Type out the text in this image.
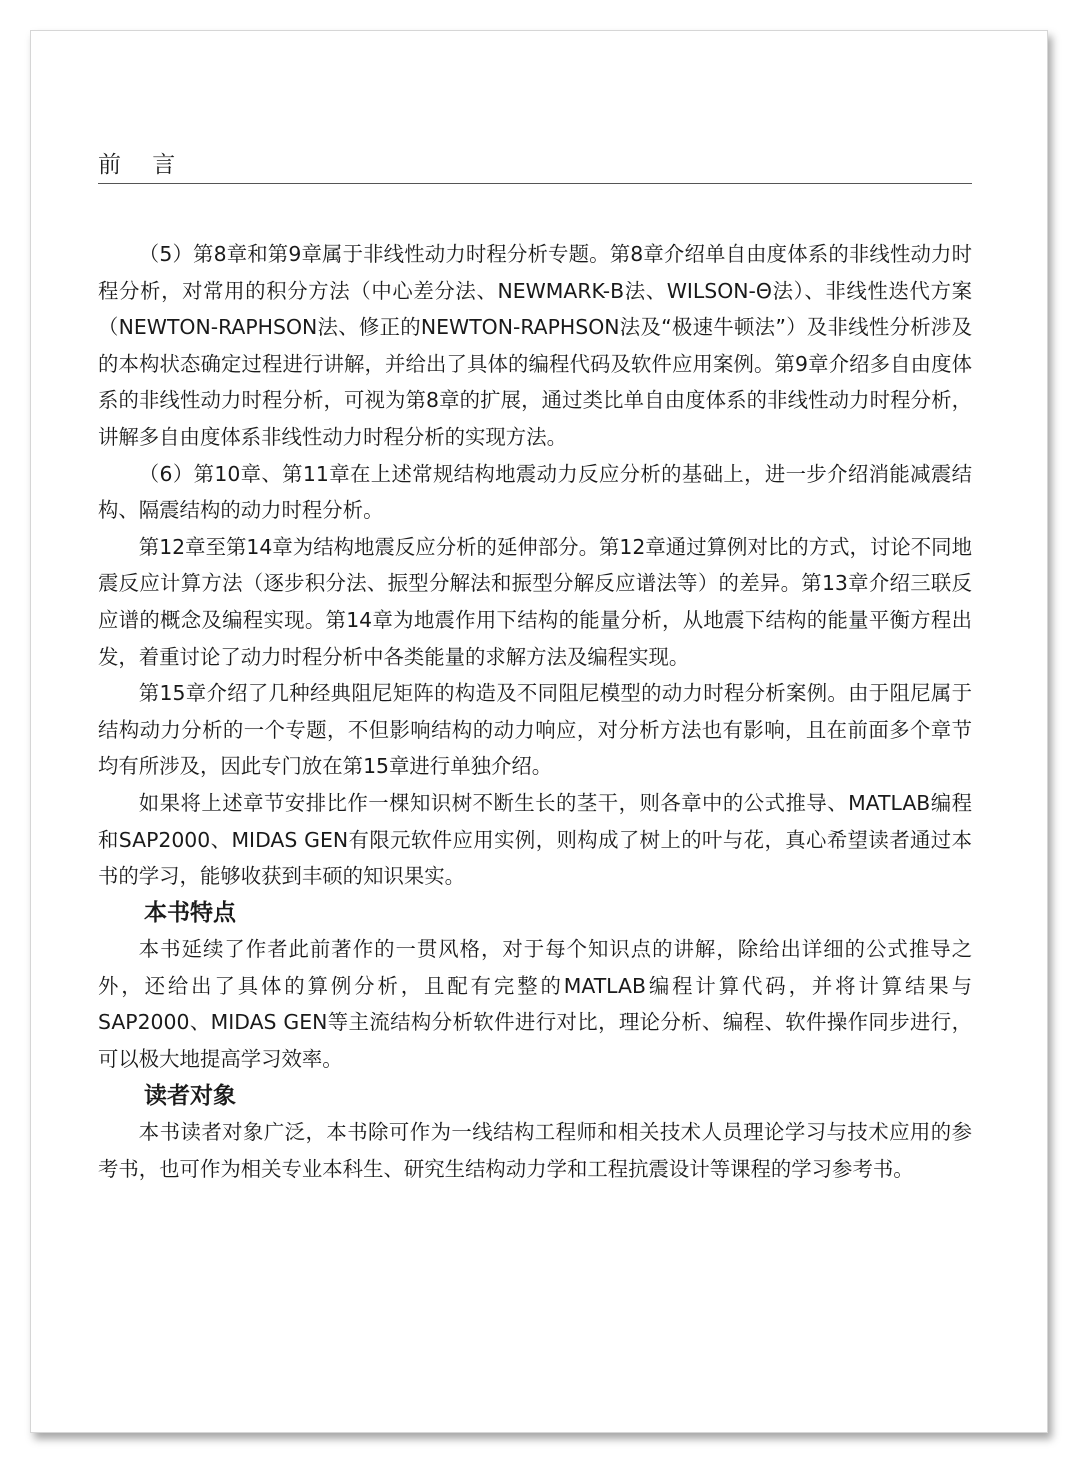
前 言

（5）第8章和第9章属于非线性动力时程分析专题。第8章介绍单自由度体系的非线性动力时程分析，对常用的积分方法（中心差分法、NEWMARK-Β法、WILSON-Θ法）、非线性迭代方案（NEWTON-RAPHSON法、修正的NEWTON-RAPHSON法及“极速牛顿法”）及非线性分析涉及的本构状态确定过程进行讲解，并给出了具体的编程代码及软件应用案例。第9章介绍多自由度体系的非线性动力时程分析，可视为第8章的扩展，通过类比单自由度体系的非线性动力时程分析，讲解多自由度体系非线性动力时程分析的实现方法。

（6）第10章、第11章在上述常规结构地震动力反应分析的基础上，进一步介绍消能减震结构、隔震结构的动力时程分析。

第12章至第14章为结构地震反应分析的延伸部分。第12章通过算例对比的方式，讨论不同地震反应计算方法（逐步积分法、振型分解法和振型分解反应谱法等）的差异。第13章介绍三联反应谱的概念及编程实现。第14章为地震作用下结构的能量分析，从地震下结构的能量平衡方程出发，着重讨论了动力时程分析中各类能量的求解方法及编程实现。

第15章介绍了几种经典阻尼矩阵的构造及不同阻尼模型的动力时程分析案例。由于阻尼属于结构动力分析的一个专题，不但影响结构的动力响应，对分析方法也有影响，且在前面多个章节均有所涉及，因此专门放在第15章进行单独介绍。

如果将上述章节安排比作一棵知识树不断生长的茎干，则各章中的公式推导、MATLAB编程和SAP2000、MIDAS GEN有限元软件应用实例，则构成了树上的叶与花，真心希望读者通过本书的学习，能够收获到丰硕的知识果实。

本书特点

本书延续了作者此前著作的一贯风格，对于每个知识点的讲解，除给出详细的公式推导之外，还给出了具体的算例分析，且配有完整的MATLAB编程计算代码，并将计算结果与SAP2000、MIDAS GEN等主流结构分析软件进行对比，理论分析、编程、软件操作同步进行，可以极大地提高学习效率。

读者对象

本书读者对象广泛，本书除可作为一线结构工程师和相关技术人员理论学习与技术应用的参考书，也可作为相关专业本科生、研究生结构动力学和工程抗震设计等课程的学习参考书。
